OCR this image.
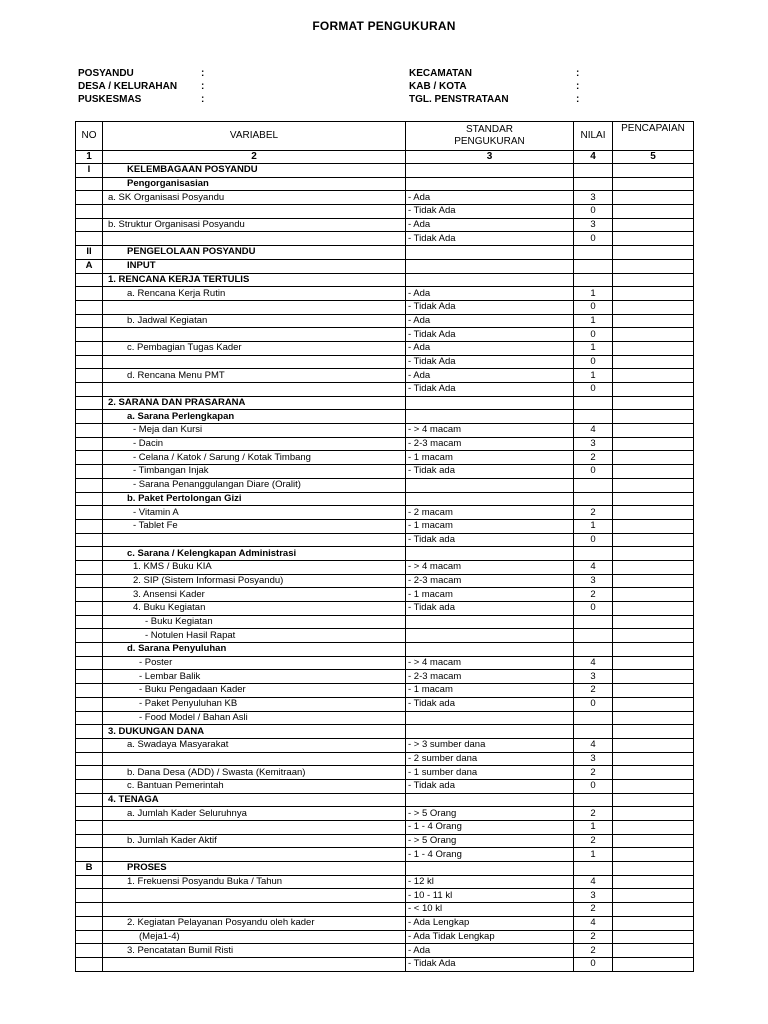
FORMAT PENGUKURAN
POSYANDU	:
DESA / KELURAHAN :
PUSKESMAS	:
KECAMATAN	:
KAB / KOTA	:
TGL. PENSTRATAAN	:
NO	VARIABEL	STANDAR
PENGUKURAN	NILAI	PENCAPAIAN
1	2	3	4	5
I	KELEMBAGAAN POSYANDU			
	Pengorganisasian			
	a. SK Organisasi Posyandu	- Ada	3	
		- Tidak Ada	0	
	b. Struktur Organisasi Posyandu	- Ada	3	
		- Tidak Ada	0	
II	PENGELOLAAN POSYANDU			
A	INPUT			
	1. RENCANA KERJA TERTULIS			
	a. Rencana Kerja Rutin	- Ada	1	
		- Tidak Ada	0	
	b. Jadwal Kegiatan	- Ada	1	
		- Tidak Ada	0	
	c. Pembagian Tugas Kader	- Ada	1	
		- Tidak Ada	0	
	d. Rencana Menu PMT	- Ada	1	
		- Tidak Ada	0	
	2. SARANA DAN PRASARANA			
	a. Sarana Perlengkapan			
	- Meja dan Kursi	- > 4 macam	4	
	- Dacin	- 2-3 macam	3	
	- Celana / Katok / Sarung / Kotak Timbang	- 1 macam	2	
	- Timbangan Injak	- Tidak ada	0	
	- Sarana Penanggulangan Diare (Oralit)			
	b. Paket Pertolongan Gizi			
	- Vitamin A	- 2 macam	2	
	- Tablet Fe	- 1 macam	1	
		- Tidak ada	0	
	c. Sarana / Kelengkapan Administrasi			
	1. KMS / Buku KIA	- > 4 macam	4	
	2. SIP (Sistem Informasi Posyandu)	- 2-3 macam	3	
	3. Ansensi Kader	- 1 macam	2	
	4. Buku Kegiatan	- Tidak ada	0	
	- Buku Kegiatan			
	- Notulen Hasil Rapat			
	d. Sarana Penyuluhan			
	- Poster	- > 4 macam	4	
	- Lembar Balik	- 2-3 macam	3	
	- Buku Pengadaan Kader	- 1 macam	2	
	- Paket Penyuluhan KB	- Tidak ada	0	
	- Food Model / Bahan Asli			
	3. DUKUNGAN DANA			
	a. Swadaya Masyarakat	- > 3 sumber dana	4	
		- 2 sumber dana	3	
	b. Dana Desa (ADD) / Swasta (Kemitraan)	- 1 sumber dana	2	
	c. Bantuan Pemerintah	- Tidak ada	0	
	4. TENAGA			
	a. Jumlah Kader Seluruhnya	- > 5 Orang	2	
		- 1 - 4 Orang	1	
	b. Jumlah Kader Aktif	- > 5 Orang	2	
		- 1 - 4 Orang	1	
B	PROSES			
	1. Frekuensi Posyandu Buka / Tahun	- 12 kl	4	
		- 10 - 11 kl	3	
		- < 10 kl	2	
	2. Kegiatan Pelayanan Posyandu oleh kader	- Ada Lengkap	4	
	(Meja1-4)	- Ada Tidak Lengkap	2	
	3. Pencatatan Bumil Risti	- Ada	2	
		- Tidak Ada	0	
